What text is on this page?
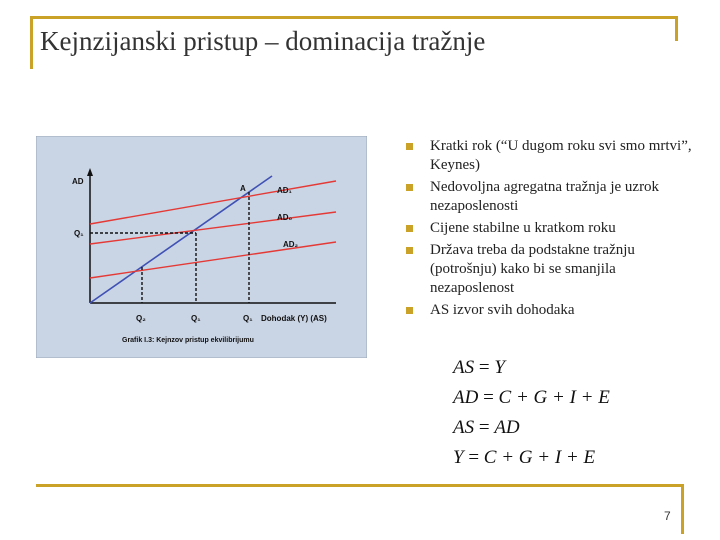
Kejnzijanski pristup – dominacija tražnje
AD
Q₁
A	AD₁
AD₀
AD₂
Q₂	Q₁	Q₁ Dohodak (Y) (AS)
Grafik I.3: Kejnzov pristup ekvilibrijumu
Kratki rok (“U dugom roku svi smo mrtvi”, Keynes)
Nedovoljna agregatna tražnja je uzrok nezaposlenosti
Cijene stabilne u kratkom roku
Država treba da podstakne tražnju (potrošnju) kako bi se smanjila nezaposlenost
AS izvor svih dohodaka
AS = Y
AD = C + G + I + E
AS = AD
Y = C + G + I + E
7
